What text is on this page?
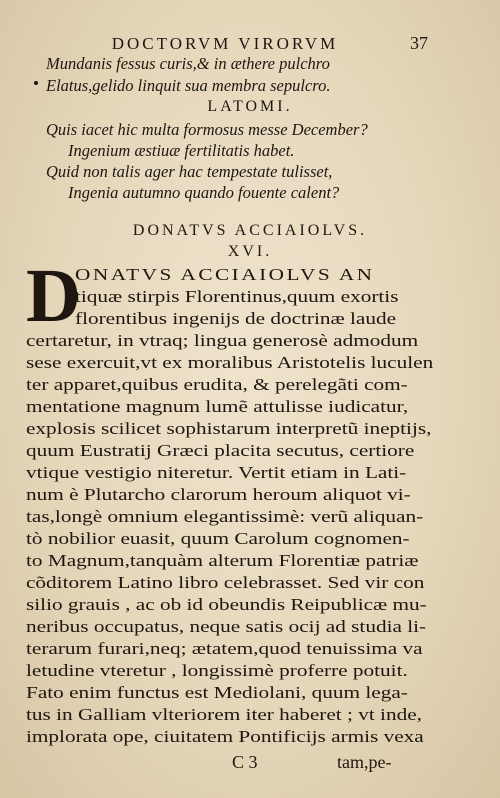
DOCTORVM VIRORVM	37
Mundanis fessus curis,& in æthere pulchro
Elatus,gelido linquit sua membra sepulcro.
LATOMI.
Quis iacet hic multa formosus messe December?
Ingenium æstiuæ fertilitatis habet.
Quid non talis ager hac tempestate tulisset,
Ingenia autumno quando fouente calent?
DONATVS ACCIAIOLVS.
XVI.
D
ONATVS ACCIAIOLVS AN
tiquæ stirpis Florentinus,quum exortis
florentibus ingenijs de doctrinæ laude
certaretur, in vtraq; lingua generosè admodum
sese exercuit,vt ex moralibus Aristotelis luculen
ter apparet,quibus erudita, & perelegãti com-
mentatione magnum lumẽ attulisse iudicatur,
explosis scilicet sophistarum interpretũ ineptijs,
quum Eustratij Græci placita secutus, certiore
vtique vestigio niteretur. Vertit etiam in Lati-
num è Plutarcho clarorum heroum aliquot vi-
tas,longè omnium elegantissimè: verũ aliquan-
tò nobilior euasit, quum Carolum cognomen-
to Magnum,tanquàm alterum Florentiæ patriæ
cõditorem Latino libro celebrasset. Sed vir con
silio grauis , ac ob id obeundis Reipublicæ mu-
neribus occupatus, neque satis ocij ad studia li-
terarum furari,neq; ætatem,quod tenuissima va
letudine vteretur , longissimè proferre potuit.
Fato enim functus est Mediolani, quum lega-
tus in Galliam vlteriorem iter haberet ; vt inde,
implorata ope, ciuitatem Pontificijs armis vexa
C 3	tam,pe-
